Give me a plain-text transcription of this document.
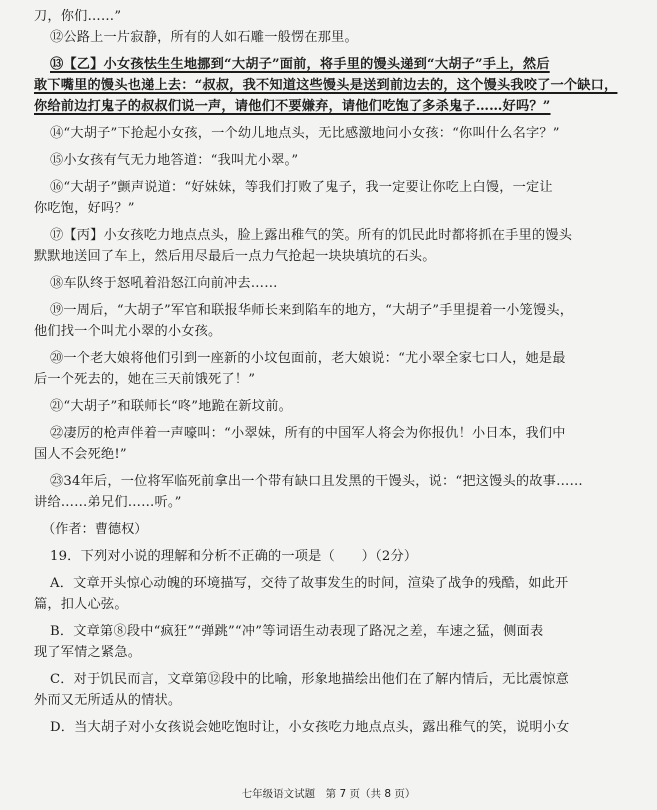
刀，你们……”

⑫公路上一片寂静，所有的人如石雕一般愣在那里。

⑬【乙】小女孩怯生生地挪到“大胡子”面前，将手里的馒头递到“大胡子”手上，然后

敢下嘴里的馒头也递上去：“叔叔，我不知道这些馒头是送到前边去的，这个馒头我咬了一个缺口，

你给前边打鬼子的叔叔们说一声，请他们不要嫌弃，请他们吃饱了多杀鬼子……好吗？”

⑭“大胡子”下抢起小女孩，一个幼儿地点头，无比感激地问小女孩：“你叫什么名字？”

⑮小女孩有气无力地答道：“我叫尤小翠。”

⑯“大胡子”颤声说道：“好妹妹，等我们打败了鬼子，我一定要让你吃上白馒，一定让

你吃饱，好吗？”

⑰【丙】小女孩吃力地点点头，脸上露出稚气的笑。所有的饥民此时都将抓在手里的馒头

默默地送回了车上，然后用尽最后一点力气抢起一块块填坑的石头。

⑱车队终于怒吼着沿怒江向前冲去……

⑲一周后，“大胡子”军官和联报华师长来到陷车的地方，“大胡子”手里提着一小笼馒头，

他们找一个叫尤小翠的小女孩。

⑳一个老大娘将他们引到一座新的小坟包面前，老大娘说：“尤小翠全家七口人，她是最

后一个死去的，她在三天前饿死了！”

㉑“大胡子”和联师长“咚”地跪在新坟前。

㉒凄厉的枪声伴着一声嚎叫：“小翠妹，所有的中国军人将会为你报仇！小日本，我们中

国人不会死绝!”

㉓34年后，一位将军临死前拿出一个带有缺口且发黑的干馒头，说：“把这馒头的故事……

讲给……弟兄们……听。”

（作者：曹德权）

19．下列对小说的理解和分析不正确的一项是（　　）（2分）

A．文章开头惊心动魄的环境描写，交待了故事发生的时间，渲染了战争的残酷，如此开

篇，扣人心弦。

B．文章第⑧段中“疯狂”“弹跳”“冲”等词语生动表现了路况之差，车速之猛，侧面表

现了军情之紧急。

C．对于饥民而言，文章第⑫段中的比喻，形象地描绘出他们在了解内情后，无比震惊意

外而又无所适从的情状。

D．当大胡子对小女孩说会她吃饱时让，小女孩吃力地点点头，露出稚气的笑，说明小女

七年级语文试题　第 7 页（共 8 页）
